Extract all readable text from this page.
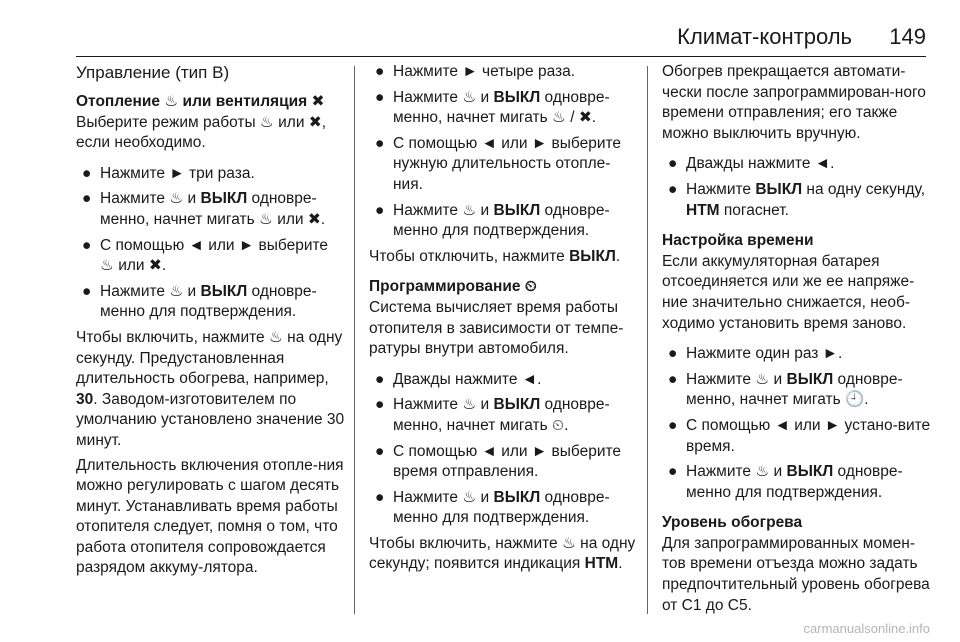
Климат-контроль 149
Управление (тип B)
Отопление ♨ или вентиляция ✖

Выберите режим работы ♨ или ✖, если необходимо.

● Нажмите ► три раза.
● Нажмите ♨ и ВЫКЛ одновре-менно, начнет мигать ♨ или ✖.
● С помощью ◄ или ► выберите ♨ или ✖.
● Нажмите ♨ и ВЫКЛ одновре-менно для подтверждения.

Чтобы включить, нажмите ♨ на одну секунду. Предустановленная длительность обогрева, например, 30. Заводом-изготовителем по умолчанию установлено значение 30 минут.

Длительность включения отопле-ния можно регулировать с шагом десять минут. Устанавливать время работы отопителя следует, помня о том, что работа отопителя сопровождается разрядом аккуму-лятора.

● Нажмите ► четыре раза.
● Нажмите ♨ и ВЫКЛ одновре-менно, начнет мигать ♨ / ✖.
● С помощью ◄ или ► выберите нужную длительность отопле-ния.
● Нажмите ♨ и ВЫКЛ одновре-менно для подтверждения.

Чтобы отключить, нажмите ВЫКЛ.

Программирование ⏲

Система вычисляет время работы отопителя в зависимости от темпе-ратуры внутри автомобиля.

● Дважды нажмите ◄.
● Нажмите ♨ и ВЫКЛ одновре-менно, начнет мигать ⏲.
● С помощью ◄ или ► выберите время отправления.
● Нажмите ♨ и ВЫКЛ одновре-менно для подтверждения.

Чтобы включить, нажмите ♨ на одну секунду; появится индикация НТМ.

Обогрев прекращается автомати-чески после запрограммирован-ного времени отправления; его также можно выключить вручную.

● Дважды нажмите ◄.
● Нажмите ВЫКЛ на одну секунду, НТМ погаснет.
Настройка времени

Если аккумуляторная батарея отсоединяется или же ее напряже-ние значительно снижается, необ-ходимо установить время заново.

● Нажмите один раз ►.
● Нажмите ♨ и ВЫКЛ одновре-менно, начнет мигать 🕘.
● С помощью ◄ или ► устано-вите время.
● Нажмите ♨ и ВЫКЛ одновре-менно для подтверждения.
Уровень обогрева

Для запрограммированных момен-тов времени отъезда можно задать предпочтительный уровень обогрева от C1 до C5.

carmanualsonline.info
